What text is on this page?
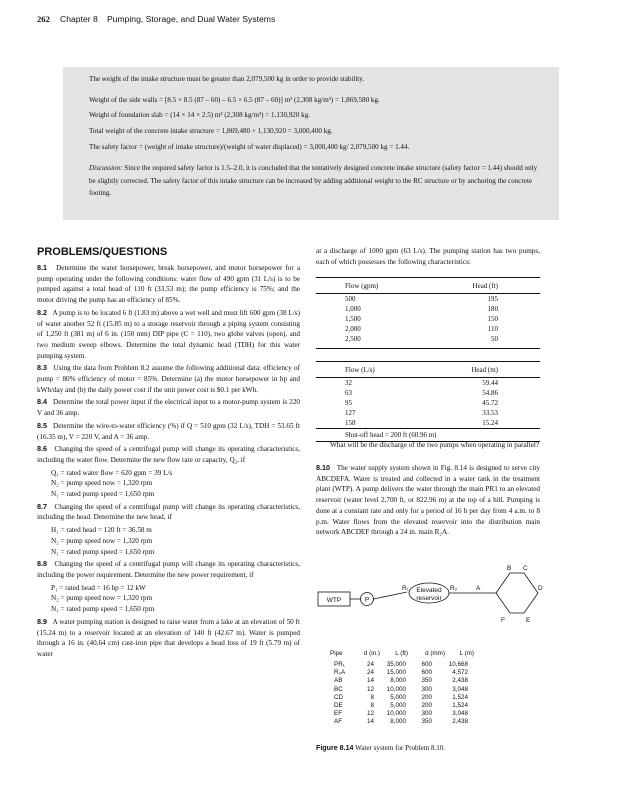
262 Chapter 8 Pumping, Storage, and Dual Water Systems

The weight of the intake structure must be greater than 2,079,500 kg in order to provide stability.

Weight of the side walls = [8.5 × 8.5 (87 – 60) – 6.5 × 6.5 (87 – 60)] m³ (2,308 kg/m³) = 1,869,580 kg.

Weight of foundation slab = (14 × 14 × 2.5) m³ (2,308 kg/m³) = 1,130,920 kg.

Total weight of the concrete intake structure = 1,869,480 + 1,130,920 = 3,000,400 kg.

The safety factor = (weight of intake structure)/(weight of water displaced) = 3,000,400 kg/ 2,079,500 kg = 1.44.

Discussion: Since the required safety factor is 1.5–2.0, it is concluded that the tentatively designed concrete intake structure (safety factor = 1.44) should only be slightly corrected. The safety factor of this intake structure can be increased by adding additional weight to the RC structure or by anchoring the concrete footing.

PROBLEMS/QUESTIONS

8.1 Determine the water horsepower, break horsepower, and motor horsepower for a pump operating under the following conditions: water flow of 490 gpm (31 L/s) is to be pumped against a total head of 110 ft (33.53 m); the pump efficiency is 75%; and the motor driving the pump has an efficiency of 85%.

8.2 A pump is to be located 6 ft (1.83 m) above a wet well and must lift 600 gpm (38 L/s) of water another 52 ft (15.85 m) to a storage reservoir through a piping system consisting of 1,250 ft (381 m) of 6 in. (150 mm) DIP pipe (C = 110), two globe valves (open), and two medium sweep elbows. Determine the total dynamic head (TDH) for this water pumping system.

8.3 Using the data from Problem 8.2 assume the following additional data: efficiency of pump = 80% efficiency of motor = 85%. Determine (a) the motor horsepower in hp and kWh/day and (b) the daily power cost if the unit power cost is $0.1 per kWh.

8.4 Determine the total power input if the electrical input to a motor-pump system is 220 V and 36 amp.

8.5 Determine the wire-to-water efficiency (%) if Q = 510 gpm (32 L/s), TDH = 53.65 ft (16.35 m), V = 220 V, and A = 36 amp.

8.6 Changing the speed of a centrifugal pump will change its operating characteristics, including the water flow. Determine the new flow rate or capacity, Q₂, if

Q₁ = rated water flow = 620 gpm = 39 L/s
N₂ = pump speed now = 1,320 rpm
N₁ = rated pump speed = 1,650 rpm

8.7 Changing the speed of a centrifugal pump will change its operating characteristics, including the head. Determine the new head, if

H₁ = rated head = 120 ft = 36.58 m
N₂ = pump speed now = 1,320 rpm
N₁ = rated pump speed = 1,650 rpm

8.8 Changing the speed of a centrifugal pump will change its operating characteristics, including the power requirement. Determine the new power requirement, if

P₁ = rated head = 16 hp = 12 kW
N₂ = pump speed now = 1,320 rpm
N₁ = rated pump speed = 1,650 rpm

8.9 A water pumping station is designed to raise water from a lake at an elevation of 50 ft (15.24 m) to a reservoir located at an elevation of 140 ft (42.67 m). Water is pumped through a 16 in. (40.64 cm) cast-iron pipe that develops a head loss of 19 ft (5.79 m) of water

at a discharge of 1000 gpm (63 L/s). The pumping station has two pumps, each of which possesses the following characteristics:
Flow (gpm)	Head (ft)
500	195
1,000	180
1,500	150
2,000	110
2,500	50
Flow (L/s)	Head (m)
32	59.44
63	54.86
95	45.72
127	33.53
158	15.24
Shut-off head = 200 ft (60.96 m)	
What will be the discharge of the two pumps when operating in parallel?
8.10 The water supply system shown in Fig. 8.14 is designed to serve city ABCDEFA. Water is treated and collected in a water tank in the treatment plant (WTP). A pump delivers the water through the main PR1 to an elevated reservoir (water level 2,700 ft, or 822.96 m) at the top of a hill. Pumping is done at a constant rate and only for a period of 16 h per day from 4 a.m. to 8 p.m. Water flows from the elevated reservoir into the distribution main network ABCDEF through a 24 in. main R₂A.
WTP	P
R₁ Elevated
reservoir
R₂	A
B C
D
E
F
Pipe	d (in.)	L (ft)	d (mm)	L (m)
PR₁	24	35,000	600	10,668
R₂A	24	15,000	600	4,572
AB	14	8,000	350	2,438
BC	12	10,000	300	3,048
CD	8	5,000	200	1,524
DE	8	5,000	200	1,524
EF	12	10,000	300	3,048
AF	14	8,000	350	2,438
Figure 8.14 Water system for Problem 8.10.
